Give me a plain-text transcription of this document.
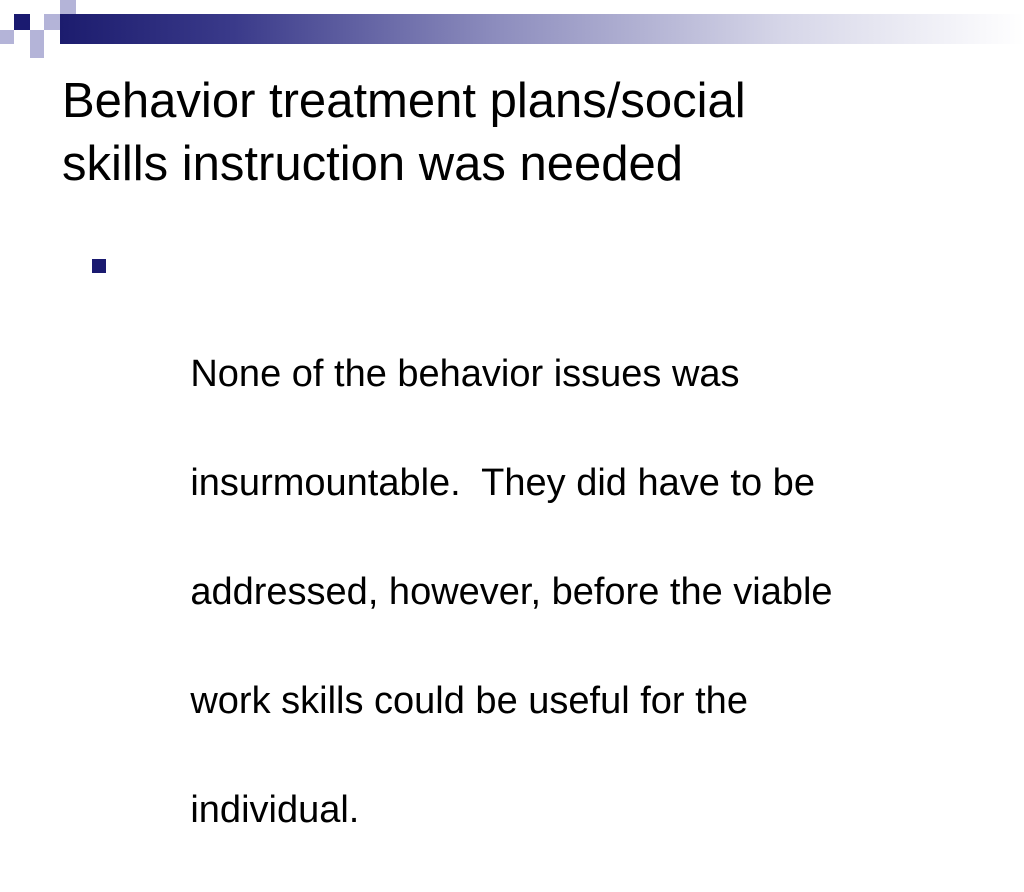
Behavior treatment plans/social
skills instruction was needed

None of the behavior issues was

insurmountable.  They did have to be

addressed, however, before the viable

work skills could be useful for the

individual.
